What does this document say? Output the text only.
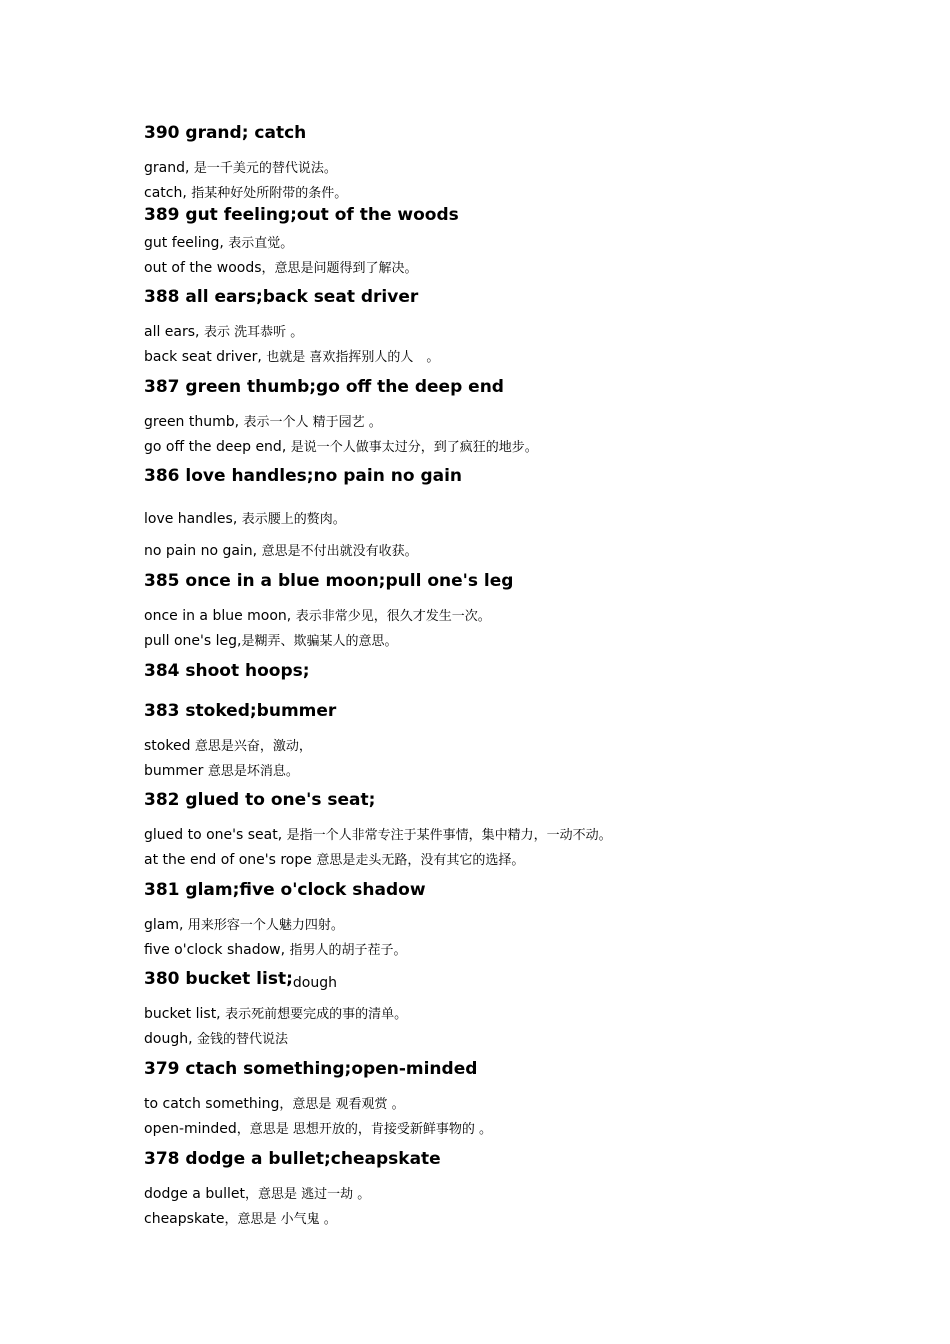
390 grand; catch
grand, 是一千美元的替代说法。
catch, 指某种好处所附带的条件。
389 gut feeling;out of the woods
gut feeling, 表示直觉。
out of the woods，意思是问题得到了解决。
388 all ears;back seat driver
all ears, 表示 洗耳恭听 。
back seat driver, 也就是 喜欢指挥别人的人　。
387 green thumb;go off the deep end
green thumb, 表示一个人 精于园艺 。
go off the deep end, 是说一个人做事太过分，到了疯狂的地步。
386 love handles;no pain no gain
love handles, 表示腰上的赘肉。
no pain no gain, 意思是不付出就没有收获。
385 once in a blue moon;pull one's leg
once in a blue moon, 表示非常少见，很久才发生一次。
pull one's leg,是糊弄、欺骗某人的意思。
384 shoot hoops;
383 stoked;bummer
stoked 意思是兴奋，激动，
bummer 意思是坏消息。
382 glued to one's seat;
glued to one's seat, 是指一个人非常专注于某件事情，集中精力，一动不动。
at the end of one's rope 意思是走头无路，没有其它的选择。
381 glam;five o'clock shadow
glam, 用来形容一个人魅力四射。
five o'clock shadow, 指男人的胡子茬子。
380 bucket list;dough
bucket list, 表示死前想要完成的事的清单。
dough, 金钱的替代说法
379 ctach something;open-minded
to catch something，意思是 观看观赏 。
open-minded，意思是 思想开放的，肯接受新鲜事物的 。
378 dodge a bullet;cheapskate
dodge a bullet，意思是 逃过一劫 。
cheapskate，意思是 小气鬼 。
